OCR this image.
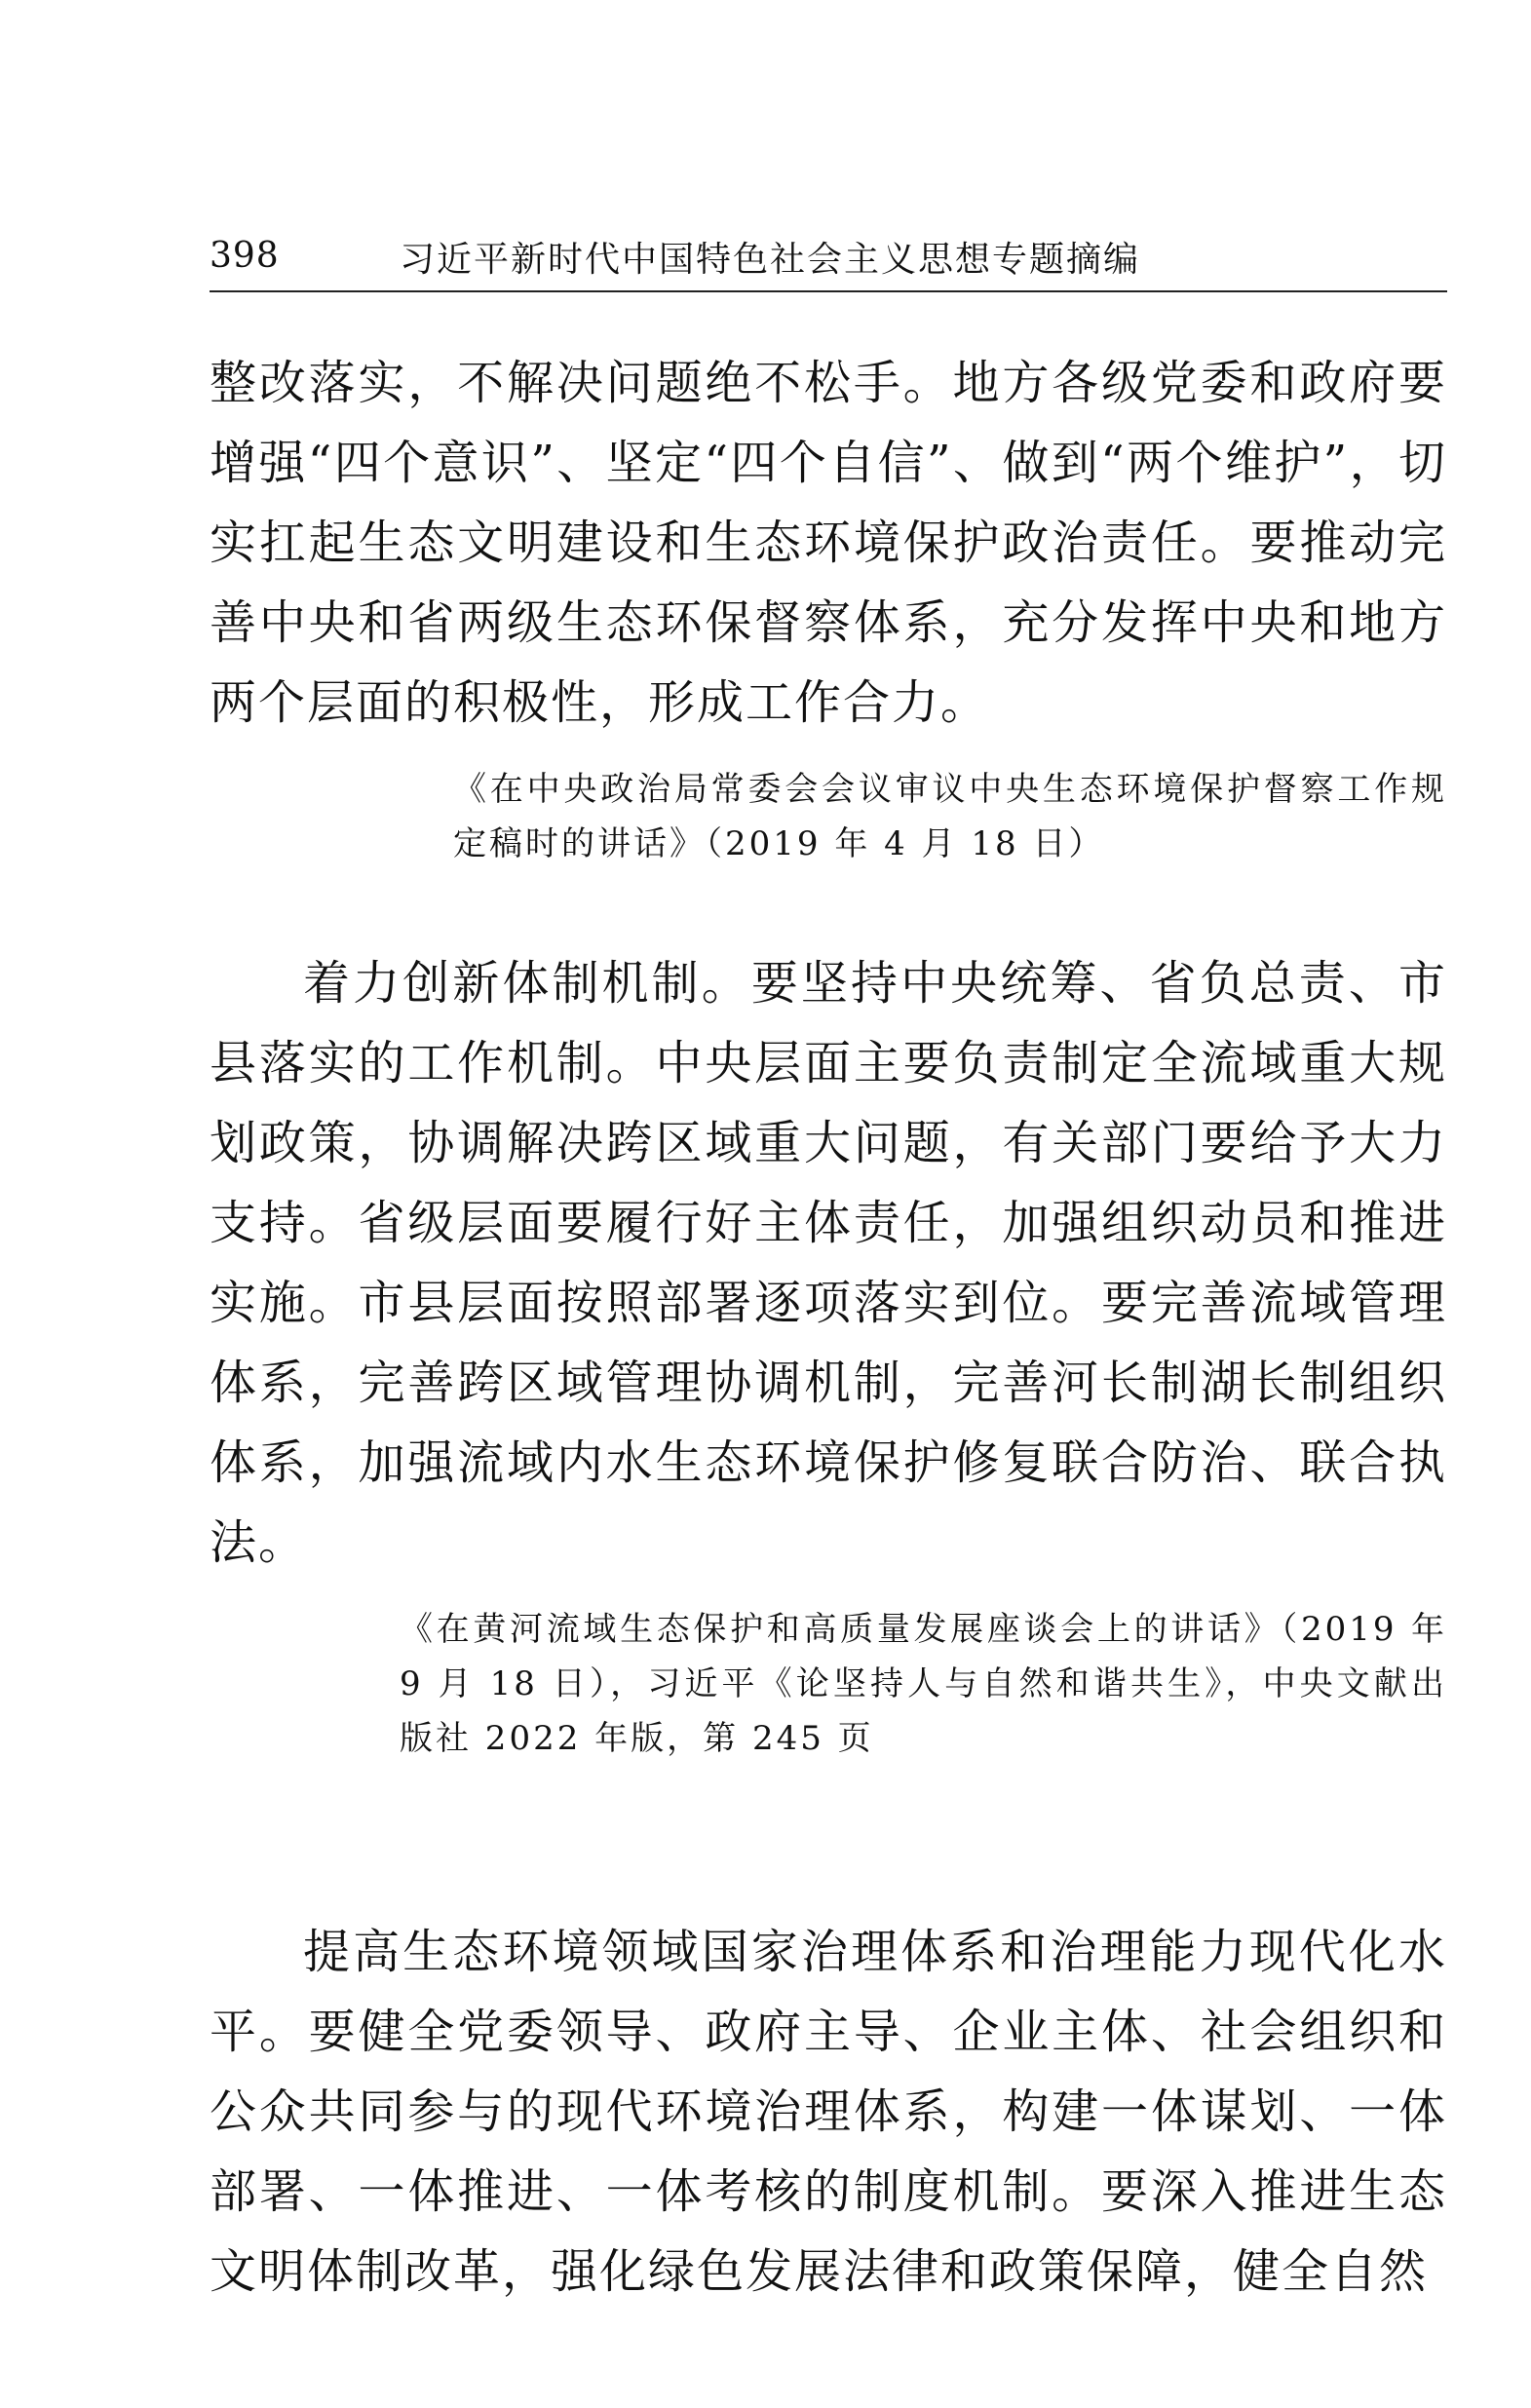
398	习近平新时代中国特色社会主义思想专题摘编

整改落实，不解决问题绝不松手。地方各级党委和政府要增强“四个意识”、坚定“四个自信”、做到“两个维护”，切实扛起生态文明建设和生态环境保护政治责任。要推动完善中央和省两级生态环保督察体系，充分发挥中央和地方两个层面的积极性，形成工作合力。

《在中央政治局常委会会议审议中央生态环境保护督察工作规定稿时的讲话》（2019 年 4 月 18 日）

着力创新体制机制。要坚持中央统筹、省负总责、市县落实的工作机制。中央层面主要负责制定全流域重大规划政策，协调解决跨区域重大问题，有关部门要给予大力支持。省级层面要履行好主体责任，加强组织动员和推进实施。市县层面按照部署逐项落实到位。要完善流域管理体系，完善跨区域管理协调机制，完善河长制湖长制组织体系，加强流域内水生态环境保护修复联合防治、联合执法。

《在黄河流域生态保护和高质量发展座谈会上的讲话》（2019 年 9 月 18 日），习近平《论坚持人与自然和谐共生》，中央文献出版社 2022 年版，第 245 页

提高生态环境领域国家治理体系和治理能力现代化水平。要健全党委领导、政府主导、企业主体、社会组织和公众共同参与的现代环境治理体系，构建一体谋划、一体部署、一体推进、一体考核的制度机制。要深入推进生态文明体制改革，强化绿色发展法律和政策保障，健全自然
